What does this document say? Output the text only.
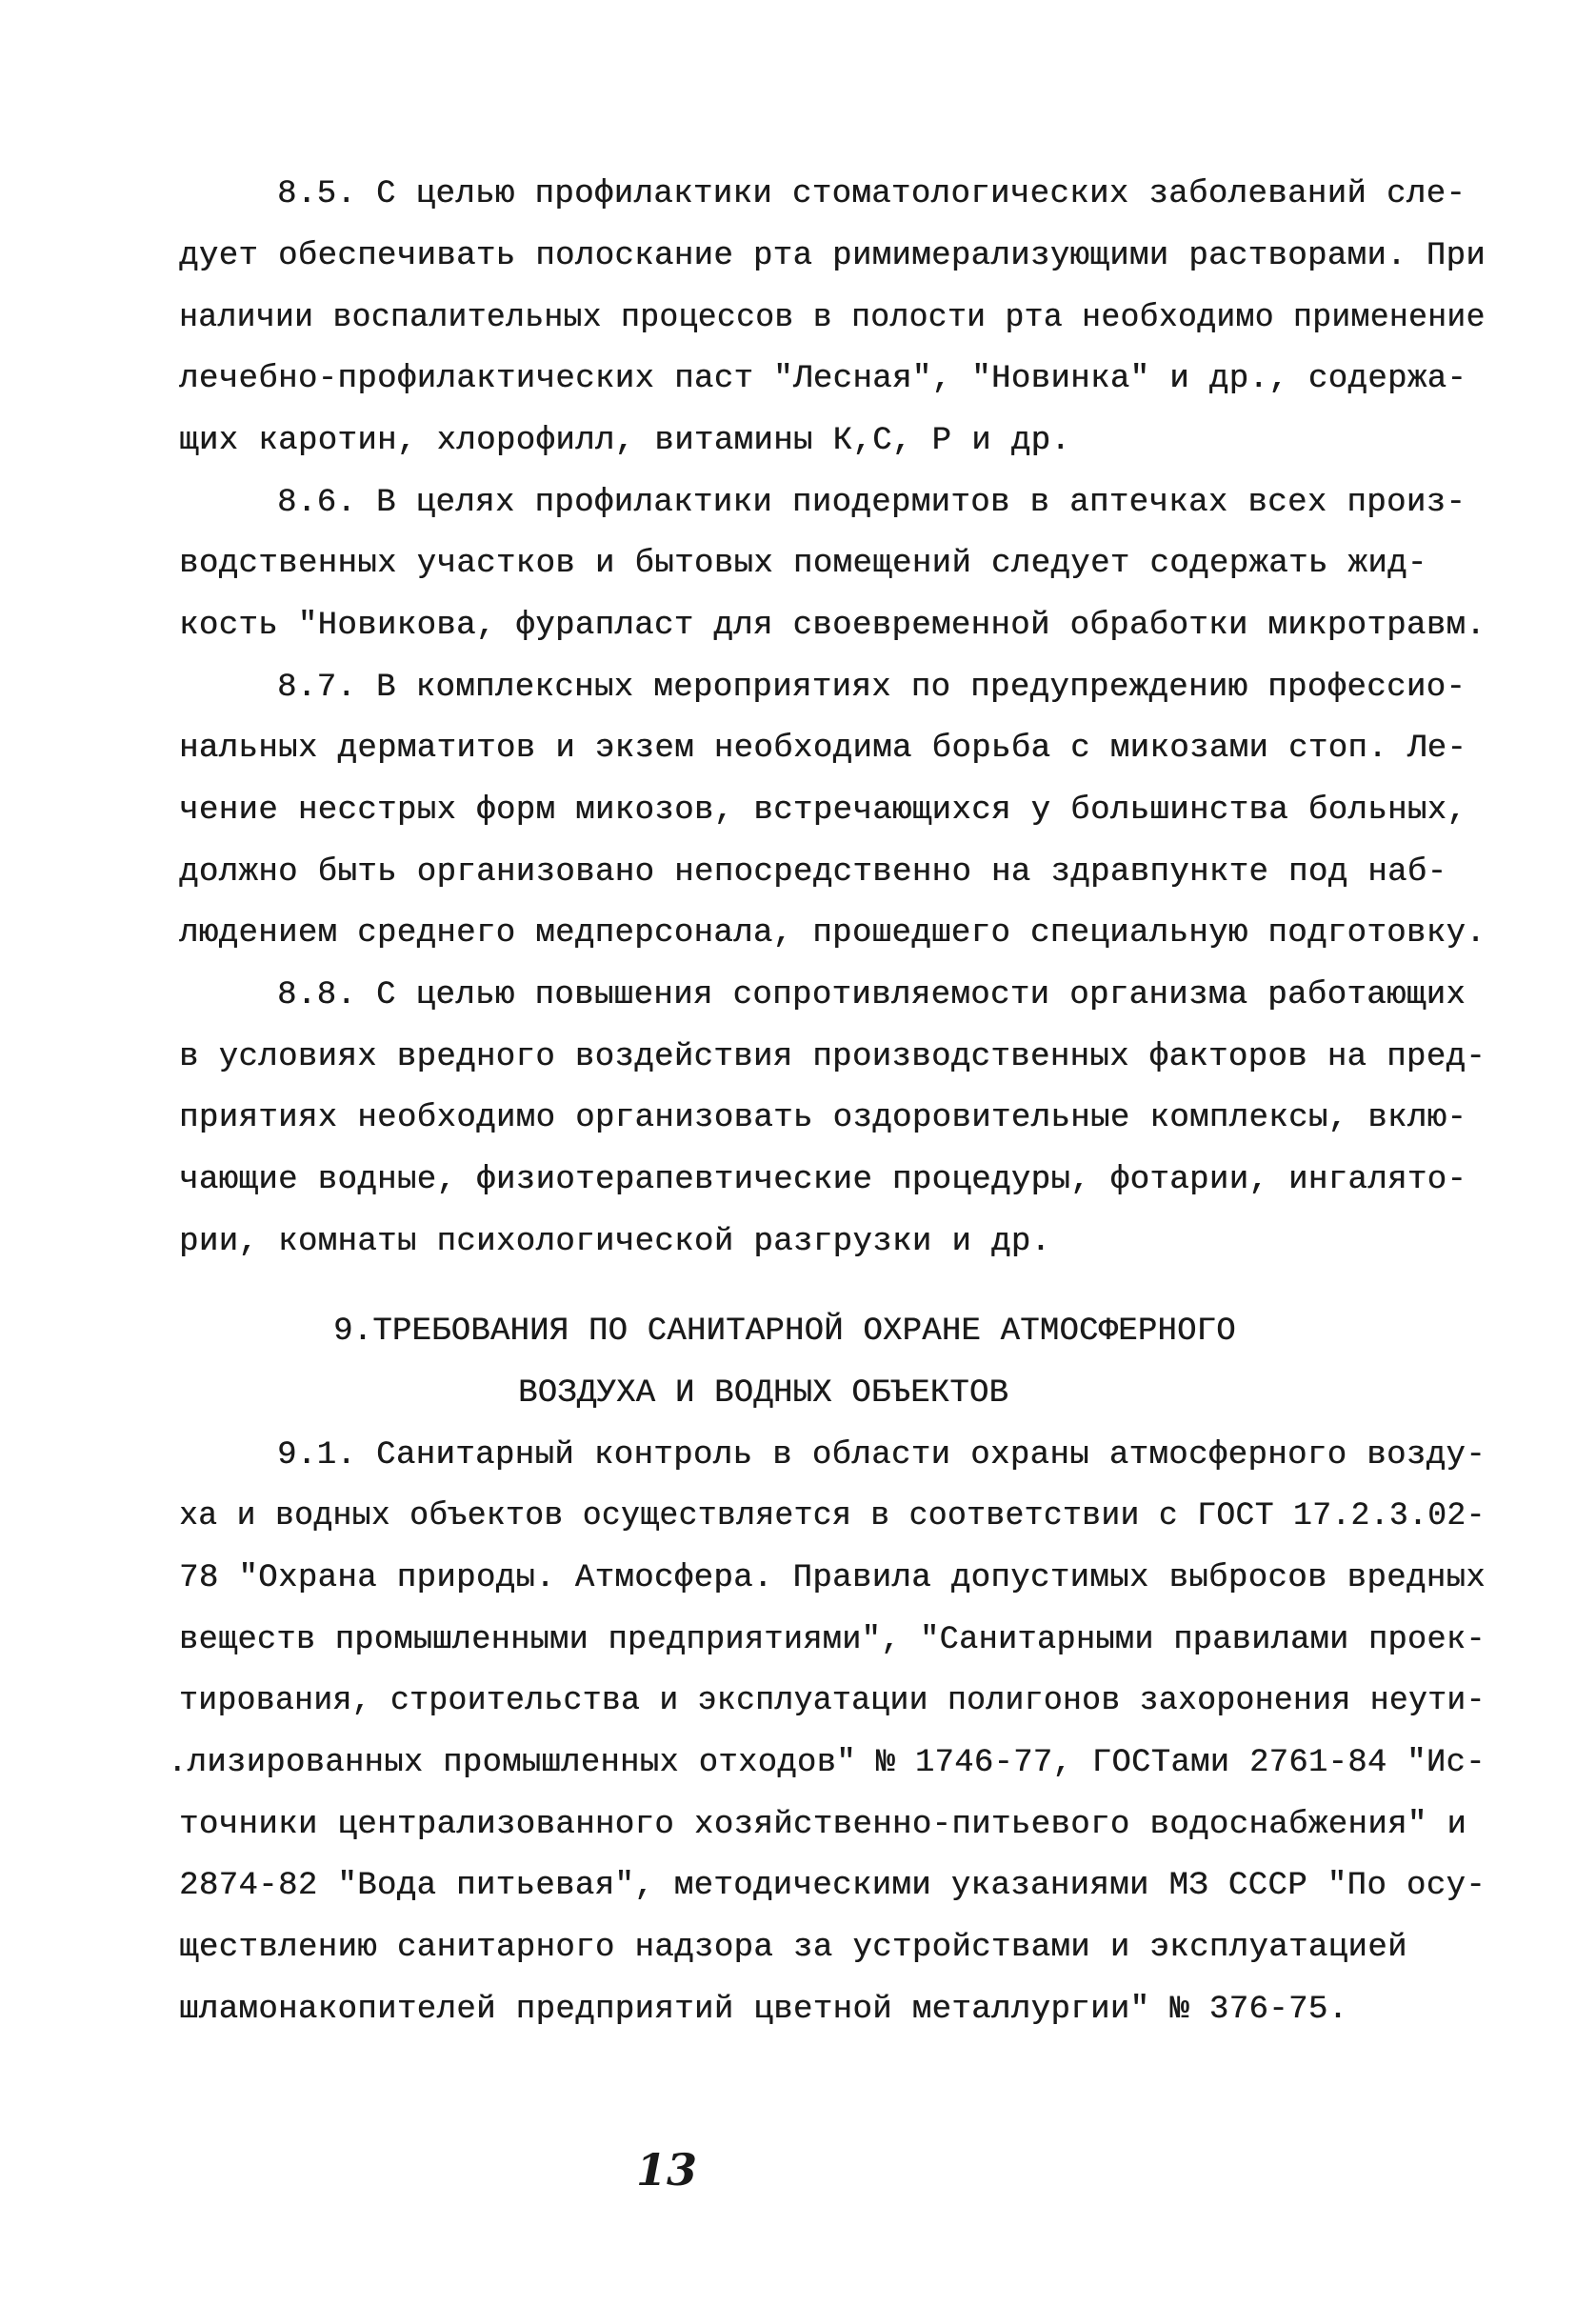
8.5. С целью профилактики стоматологических заболеваний сле-
дует обеспечивать полоскание рта римимерализующими растворами. При
наличии воспалительных процессов в полости рта необходимо применение
лечебно-профилактических паст "Лесная", "Новинка" и др., содержа-
щих каротин, хлорофилл, витамины К,С, Р и др.
8.6. В целях профилактики пиодермитов в аптечках всех произ-
водственных участков и бытовых помещений следует содержать жид-
кость "Новикова, фурапласт для своевременной обработки микротравм.
8.7. В комплексных мероприятиях по предупреждению профессио-
нальных дерматитов и экзем необходима борьба с микозами стоп. Ле-
чение несстрых форм микозов, встречающихся у большинства больных,
должно быть организовано непосредственно на здравпункте под наб-
людением среднего медперсонала, прошедшего специальную подготовку.
8.8. С целью повышения сопротивляемости организма работающих
в условиях вредного воздействия производственных факторов на пред-
приятиях необходимо организовать оздоровительные комплексы, вклю-
чающие водные, физиотерапевтические процедуры, фотарии, ингалято-
рии, комнаты психологической разгрузки и др.
9.ТРЕБОВАНИЯ ПО САНИТАРНОЙ ОХРАНЕ АТМОСФЕРНОГО
ВОЗДУХА И ВОДНЫХ ОБЪЕКТОВ
9.1. Санитарный контроль в области охраны атмосферного возду-
ха и водных объектов осуществляется в соответствии с ГОСТ 17.2.3.02-
78 "Охрана природы. Атмосфера. Правила допустимых выбросов вредных
веществ промышленными предприятиями", "Санитарными правилами проек-
тирования, строительства и эксплуатации полигонов захоронения неути-
.лизированных промышленных отходов" № 1746-77, ГОСТами 2761-84 "Ис-
точники централизованного хозяйственно-питьевого водоснабжения" и
2874-82 "Вода питьевая", методическими указаниями МЗ СССР "По осу-
ществлению санитарного надзора за устройствами и эксплуатацией
шламонакопителей предприятий цветной металлургии" № 376-75.
13
